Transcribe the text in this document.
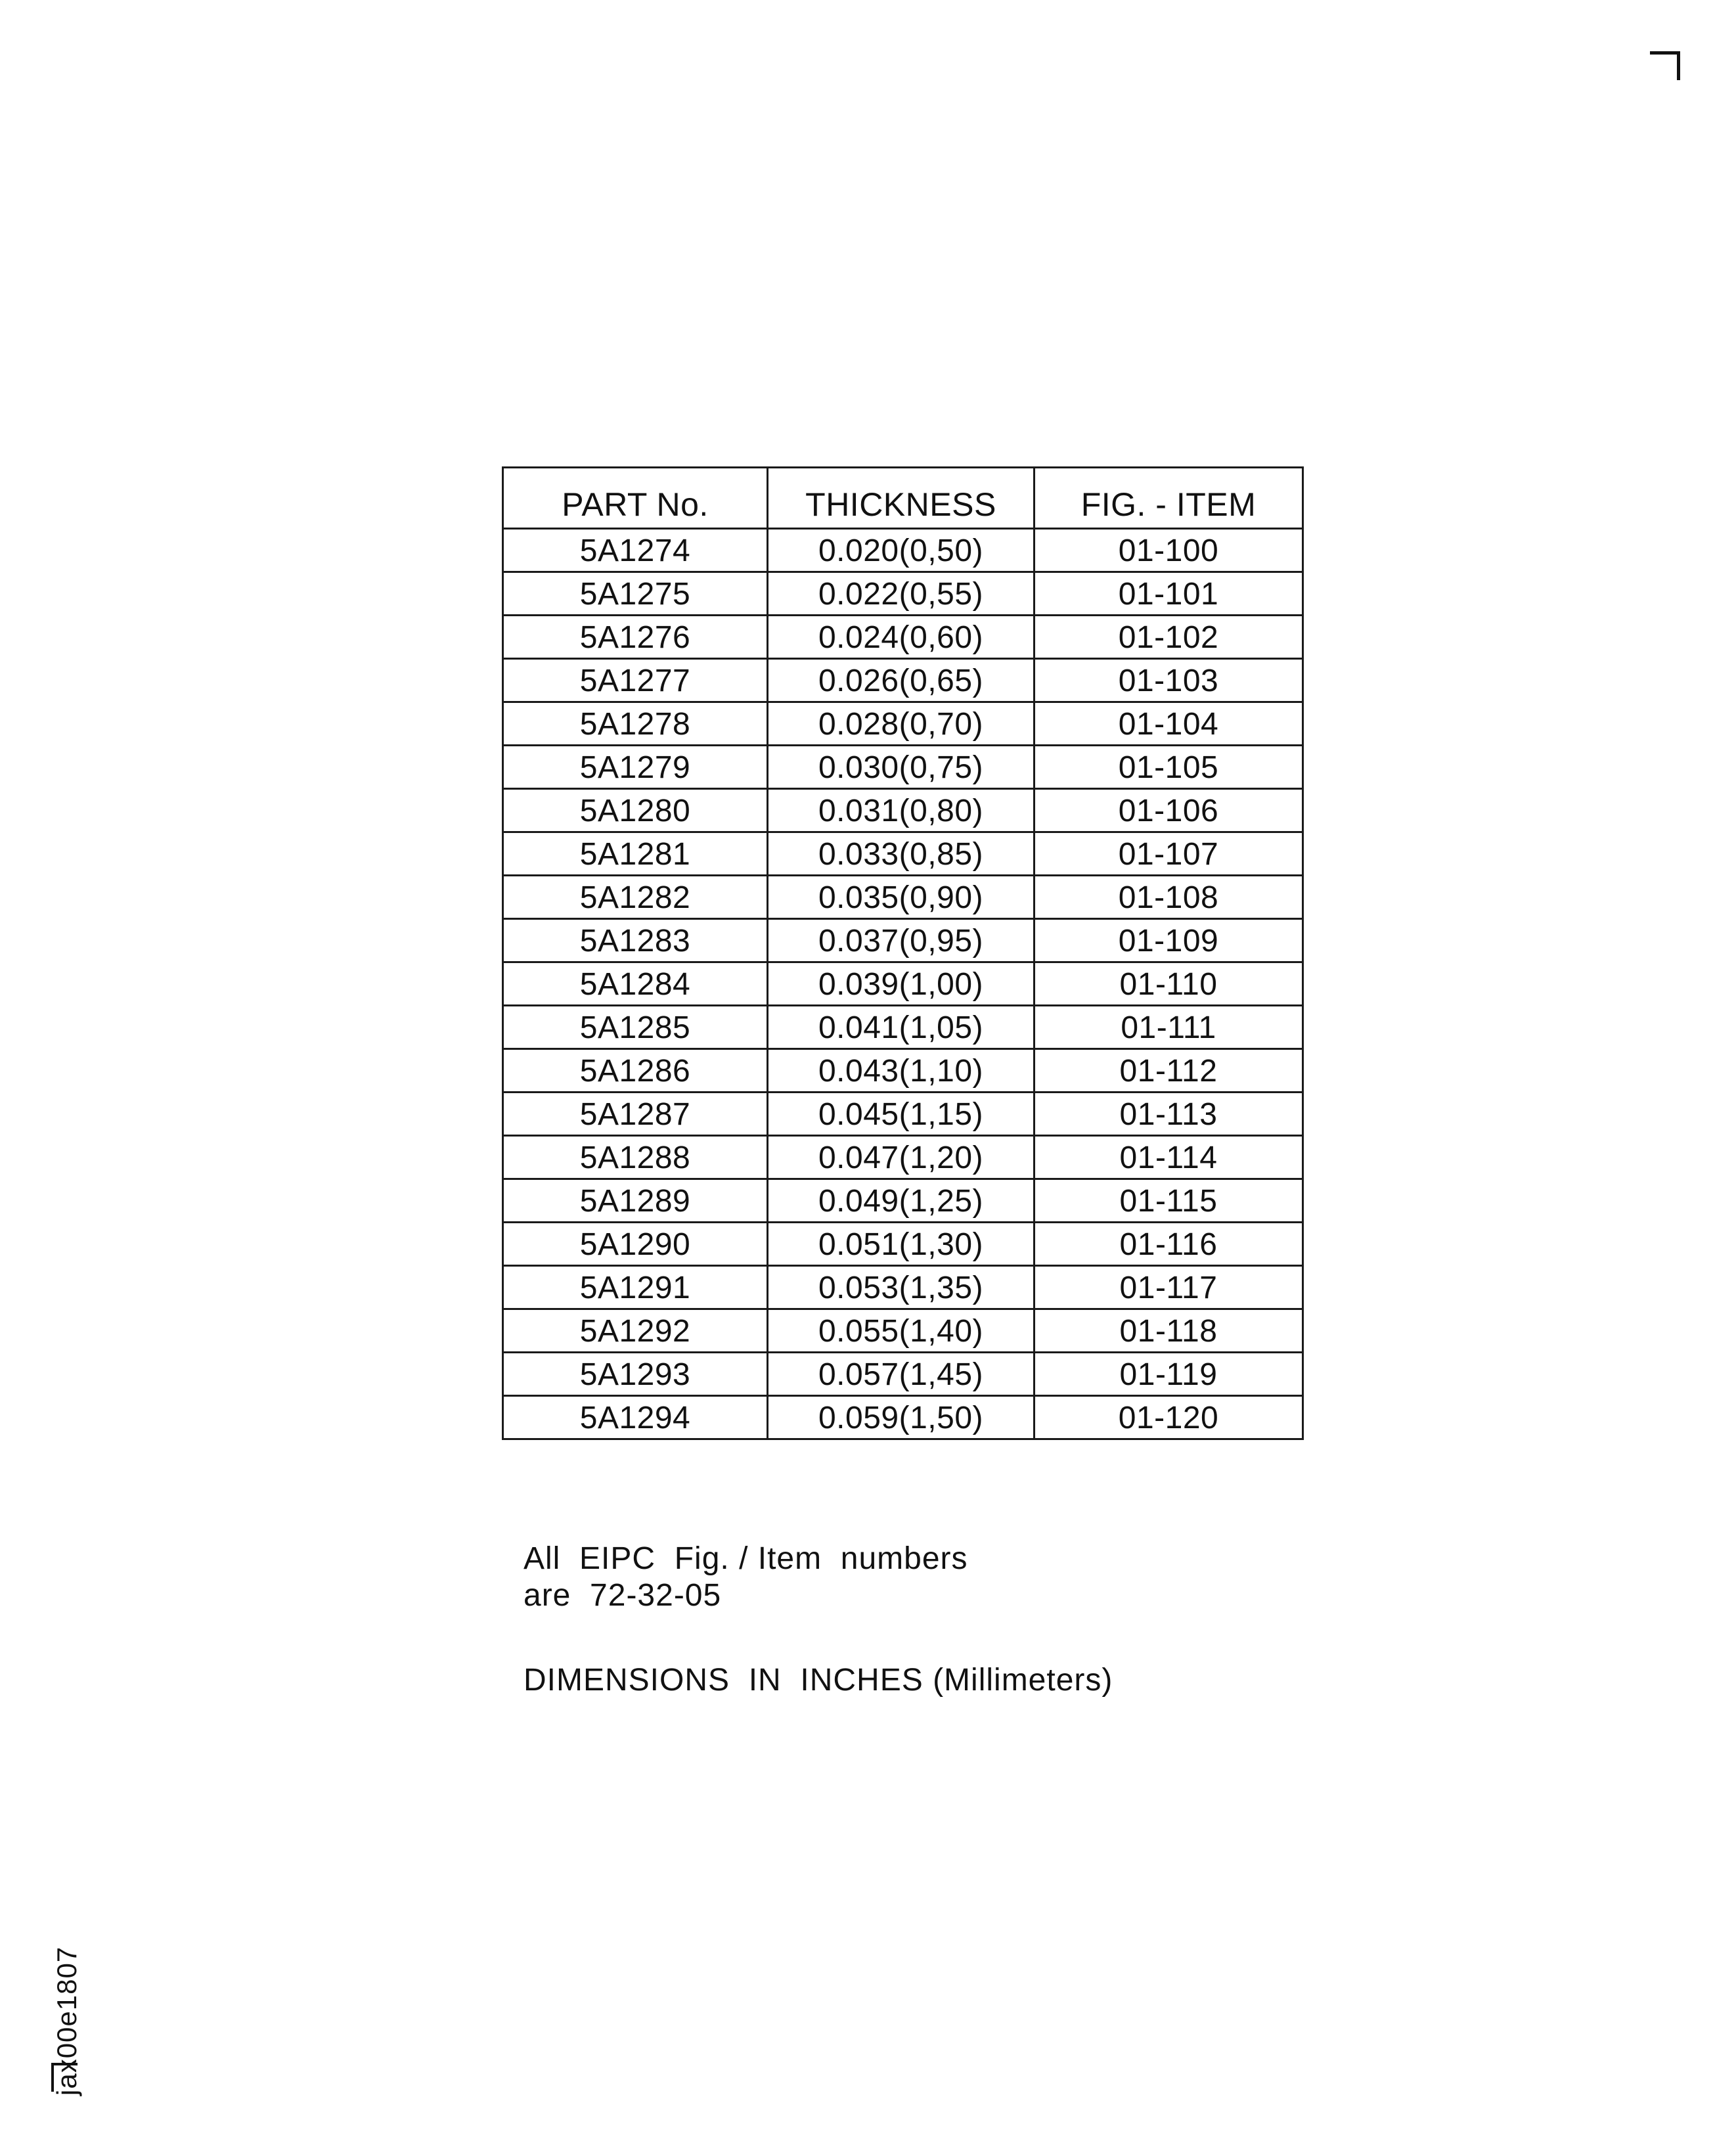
PART No.	THICKNESS	FIG. - ITEM
5A1274	0.020(0,50)	01-100
5A1275	0.022(0,55)	01-101
5A1276	0.024(0,60)	01-102
5A1277	0.026(0,65)	01-103
5A1278	0.028(0,70)	01-104
5A1279	0.030(0,75)	01-105
5A1280	0.031(0,80)	01-106
5A1281	0.033(0,85)	01-107
5A1282	0.035(0,90)	01-108
5A1283	0.037(0,95)	01-109
5A1284	0.039(1,00)	01-110
5A1285	0.041(1,05)	01-111
5A1286	0.043(1,10)	01-112
5A1287	0.045(1,15)	01-113
5A1288	0.047(1,20)	01-114
5A1289	0.049(1,25)	01-115
5A1290	0.051(1,30)	01-116
5A1291	0.053(1,35)	01-117
5A1292	0.055(1,40)	01-118
5A1293	0.057(1,45)	01-119
5A1294	0.059(1,50)	01-120
All  EIPC  Fig. / Item  numbers
are  72-32-05
DIMENSIONS  IN  INCHES (Millimeters)
jax00e1807
